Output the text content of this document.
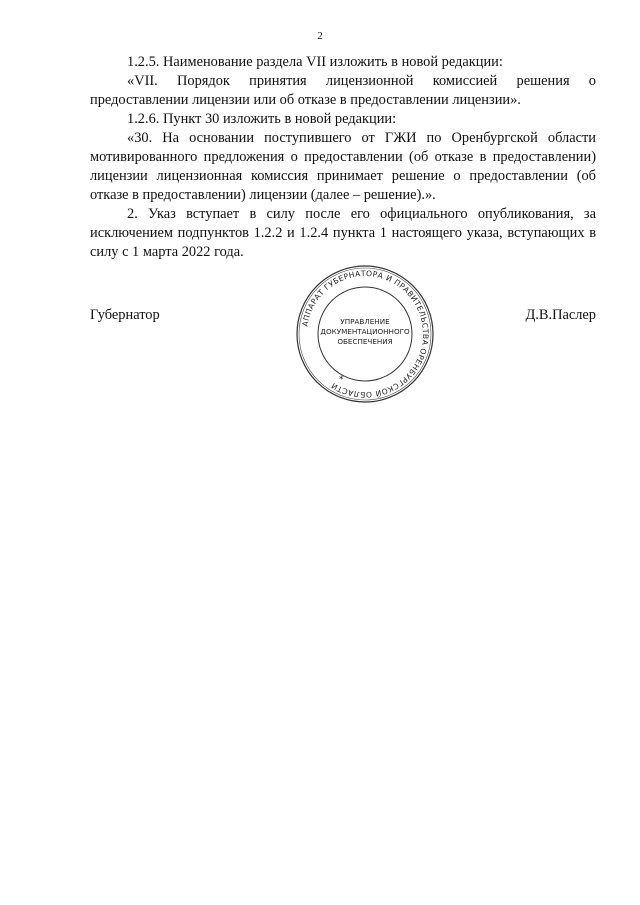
2

1.2.5. Наименование раздела VII изложить в новой редакции:

«VII. Порядок принятия лицензионной комиссией решения о предоставлении лицензии или об отказе в предоставлении лицензии».

1.2.6. Пункт 30 изложить в новой редакции:

«30. На основании поступившего от ГЖИ по Оренбургской области мотивированного предложения о предоставлении (об отказе в предоставлении) лицензии лицензионная комиссия принимает решение о предоставлении (об отказе в предоставлении) лицензии (далее – решение).».

2. Указ вступает в силу после его официального опубликования, за исключением подпунктов 1.2.2 и 1.2.4 пункта 1 настоящего указа, вступающих в силу с 1 марта 2022 года.

Губернатор	Д.В.Паслер
АППАРАТ ГУБЕРНАТОРА И ПРАВИТЕЛЬСТВА ОРЕНБУРГСКОЙ ОБЛАСТИ
*
УПРАВЛЕНИЕ
ДОКУМЕНТАЦИОННОГО
ОБЕСПЕЧЕНИЯ
